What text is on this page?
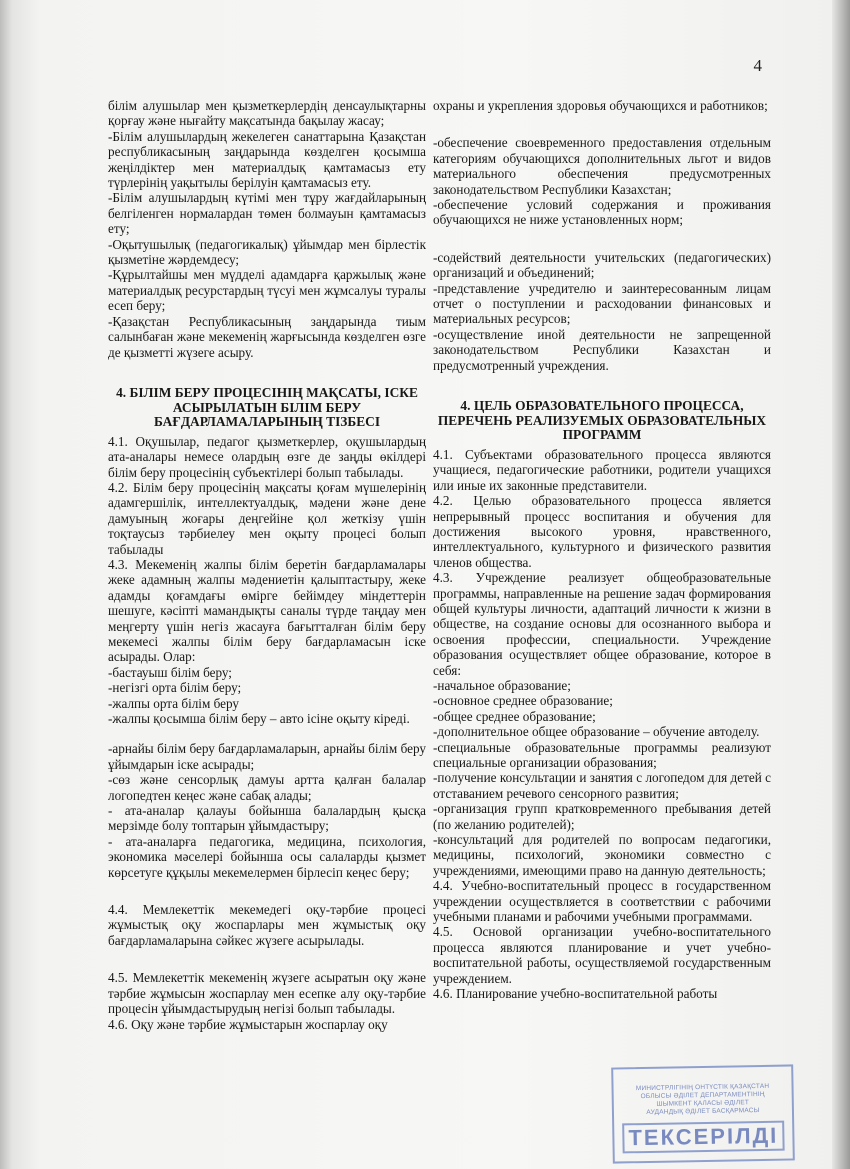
4

білім алушылар мен қызметкерлердің денсаулықтарны қорғау және нығайту мақсатында бақылау жасау;

-Білім алушылардың жекелеген санаттарына Қазақстан республикасының заңдарында көзделген қосымша жеңілдіктер мен материалдық қамтамасыз ету түрлерінің уақытылы берілуін қамтамасыз ету.

-Білім алушылардың күтімі мен тұру жағдайларының белгіленген нормалардан төмен болмауын қамтамасыз ету;

-Оқытушылық (педагогикалық) ұйымдар мен бірлестік қызметіне жәрдемдесу;

-Құрылтайшы мен мүдделі адамдарға қаржылық және материалдық ресурстардың түсуі мен жұмсалуы туралы есеп беру;

-Қазақстан Республикасының заңдарында тиым салынбаған және мекеменің жарғысында көзделген өзге де қызметті жүзеге асыру.

4. БІЛІМ БЕРУ ПРОЦЕСІНІҢ МАҚСАТЫ, ІСКЕ АСЫРЫЛАТЫН БІЛІМ БЕРУ БАҒДАРЛАМАЛАРЫНЫҢ ТІЗБЕСІ

4.1. Оқушылар, педагог қызметкерлер, оқушылардың ата-аналары немесе олардың өзге де заңды өкілдері білім беру процесінің субъектілері болып табылады.

4.2. Білім беру процесінің мақсаты қоғам мүшелерінің адамгершілік, интеллектуалдық, мәдени және дене дамуының жоғары деңгейіне қол жеткізу үшін тоқтаусыз тәрбиелеу мен оқыту процесі болып табылады

4.3. Мекеменің жалпы білім беретін бағдарламалары жеке адамның жалпы мәдениетін қалыптастыру, жеке адамды қоғамдағы өмірге бейімдеу міндеттерін шешуге, кәсіпті мамандықты саналы түрде таңдау мен меңгерту үшін негіз жасауға бағытталған білім беру мекемесі жалпы білім беру бағдарламасын іске асырады. Олар:

-бастауыш білім беру;

-негізгі орта білім беру;

-жалпы орта білім беру

-жалпы қосымша білім беру – авто ісіне оқыту кіреді.

-арнайы білім беру бағдарламаларын, арнайы білім беру ұйымдарын іске асырады;

-сөз және сенсорлық дамуы артта қалған балалар логопедтен кеңес және сабақ алады;

- ата-аналар қалауы бойынша балалардың қысқа мерзімде болу топтарын ұйымдастыру;

- ата-аналарға педагогика, медицина, психология, экономика мәселері бойынша осы салаларды қызмет көрсетуге құқылы мекемелермен бірлесіп кеңес беру;

4.4. Мемлекеттік мекемедегі оқу-тәрбие процесі жұмыстық оқу жоспарлары мен жұмыстық оқу бағдарламаларына сәйкес жүзеге асырылады.

4.5. Мемлекеттік мекеменің жүзеге асыратын оқу және тәрбие жұмысын жоспарлау мен есепке алу оқу-тәрбие процесін ұйымдастырудың негізі болып табылады.

4.6. Оқу және тәрбие жұмыстарын жоспарлау оқу

охраны и укрепления здоровья обучающихся и работников;

-обеспечение своевременного предоставления отдельным категориям обучающихся дополнительных льгот и видов материального обеспечения предусмотренных законодательством Республики Казахстан;

-обеспечение условий содержания и проживания обучающихся не ниже установленных норм;

-содействий деятельности учительских (педагогических) организаций и объединений;

-представление учредителю и заинтересованным лицам отчет о поступлении и расходовании финансовых и материальных ресурсов;

-осуществление иной деятельности не запрещенной законодательством Республики Казахстан и предусмотренный учреждения.

4. ЦЕЛЬ ОБРАЗОВАТЕЛЬНОГО ПРОЦЕССА, ПЕРЕЧЕНЬ РЕАЛИЗУЕМЫХ ОБРАЗОВАТЕЛЬНЫХ ПРОГРАММ

4.1. Субъектами образовательного процесса являются учащиеся, педагогические работники, родители учащихся или иные их законные представители.

4.2. Целью образовательного процесса является непрерывный процесс воспитания и обучения для достижения высокого уровня, нравственного, интеллектуального, культурного и физического развития членов общества.

4.3. Учреждение реализует общеобразовательные программы, направленные на решение задач формирования общей культуры личности, адаптаций личности к жизни в обществе, на создание основы для осознанного выбора и освоения профессии, специальности. Учреждение образования осуществляет общее образование, которое в себя:

-начальное образование;

-основное среднее образование;

-общее среднее образование;

-дополнительное общее образование – обучение автоделу.

-специальные образовательные программы реализуют специальные организации образования;

-получение консультации и занятия с логопедом для детей с отставанием речевого сенсорного развития;

-организация групп кратковременного пребывания детей (по желанию родителей);

-консультаций для родителей по вопросам педагогики, медицины, психологий, экономики совместно с учреждениями, имеющими право на данную деятельность;

4.4. Учебно-воспитательный процесс в государственном учреждении осуществляется в соответствии с рабочими учебными планами и рабочими учебными программами.

4.5. Основой организации учебно-воспитательного процесса являются планирование и учет учебно-воспитательной работы, осуществляемой государственным учреждением.

4.6. Планирование учебно-воспитательной работы

МИНИСТРЛІГІНІҢ ОНТҮСТІК ҚАЗАҚСТАН
ОБЛЫСЫ ӘДІЛЕТ ДЕПАРТАМЕНТІНІҢ
ШЫМКЕНТ ҚАЛАСЫ ӘДІЛЕТ
АУДАНДЫҚ ӘДІЛЕТ БАСҚАРМАСЫ
ТЕКСЕРІЛДІ
